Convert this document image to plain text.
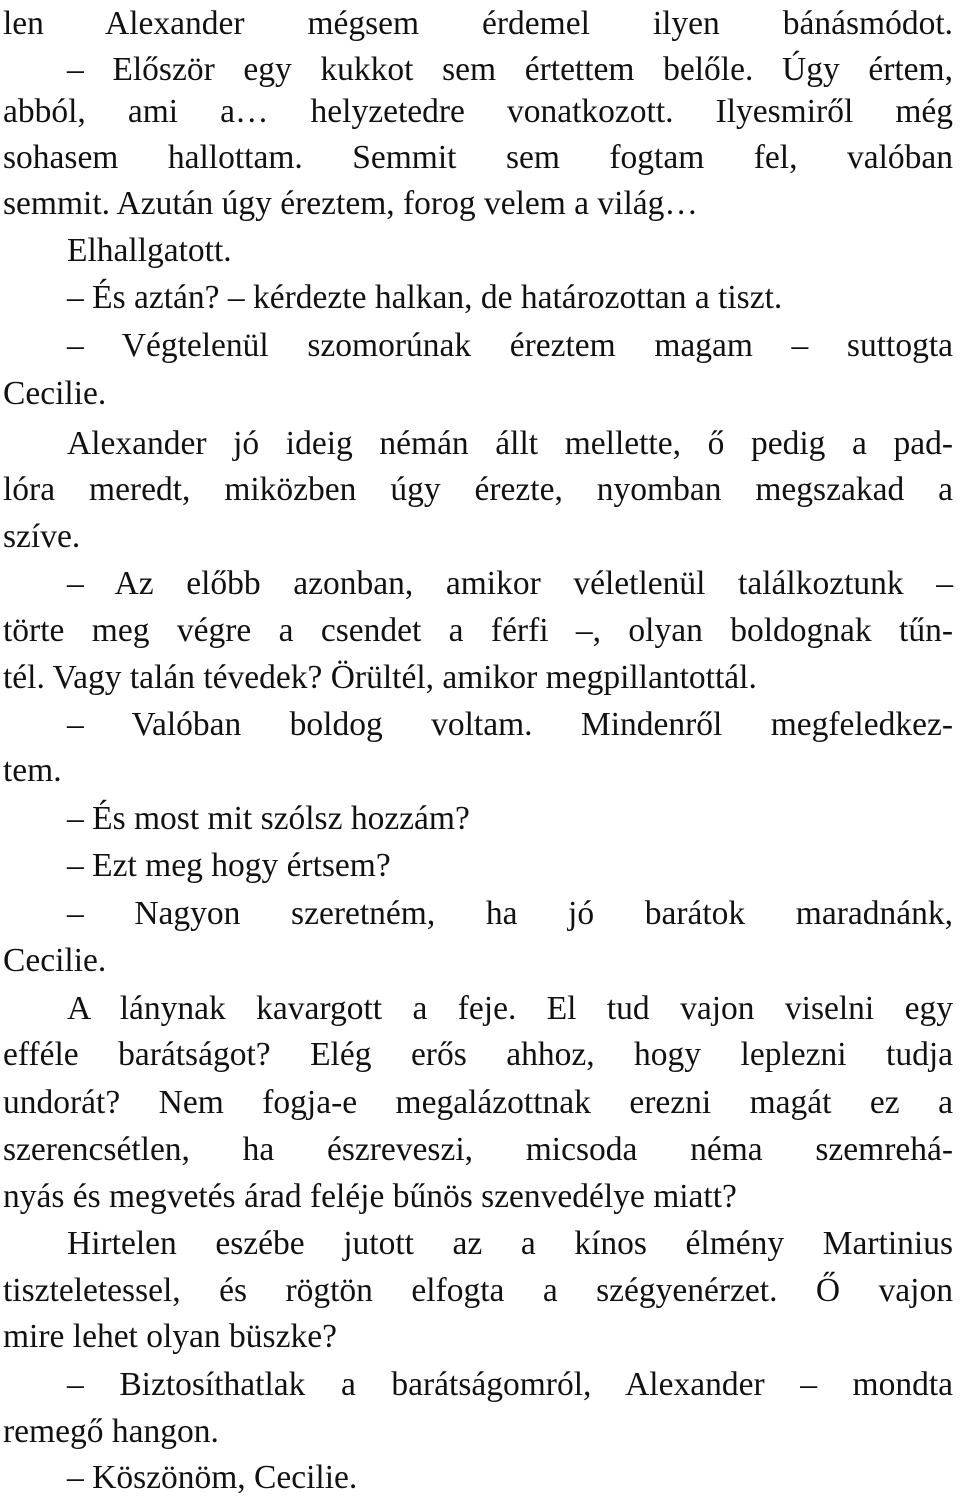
len Alexander mégsem érdemel ilyen bánásmódot.

– Először egy kukkot sem értettem belőle. Úgy értem,

abból, ami a… helyzetedre vonatkozott. Ilyesmiről még

sohasem hallottam. Semmit sem fogtam fel, valóban

semmit. Azután úgy éreztem, forog velem a világ…

Elhallgatott.

– És aztán? – kérdezte halkan, de határozottan a tiszt.

– Végtelenül szomorúnak éreztem magam – suttogta

Cecilie.

Alexander jó ideig némán állt mellette, ő pedig a pad-

lóra meredt, miközben úgy érezte, nyomban megszakad a

szíve.

– Az előbb azonban, amikor véletlenül találkoztunk –

törte meg végre a csendet a férfi –, olyan boldognak tűn-

tél. Vagy talán tévedek? Örültél, amikor megpillantottál.

– Valóban boldog voltam. Mindenről megfeledkez-

tem.

– És most mit szólsz hozzám?

– Ezt meg hogy értsem?

– Nagyon szeretném, ha jó barátok maradnánk,

Cecilie.

A lánynak kavargott a feje. El tud vajon viselni egy

efféle barátságot? Elég erős ahhoz, hogy leplezni tudja

undorát? Nem fogja-e megalázottnak erezni magát ez a

szerencsétlen, ha észreveszi, micsoda néma szemrehá-

nyás és megvetés árad feléje bűnös szenvedélye miatt?

Hirtelen eszébe jutott az a kínos élmény Martinius

tiszteletessel, és rögtön elfogta a szégyenérzet. Ő vajon

mire lehet olyan büszke?

– Biztosíthatlak a barátságomról, Alexander – mondta

remegő hangon.

– Köszönöm, Cecilie.
